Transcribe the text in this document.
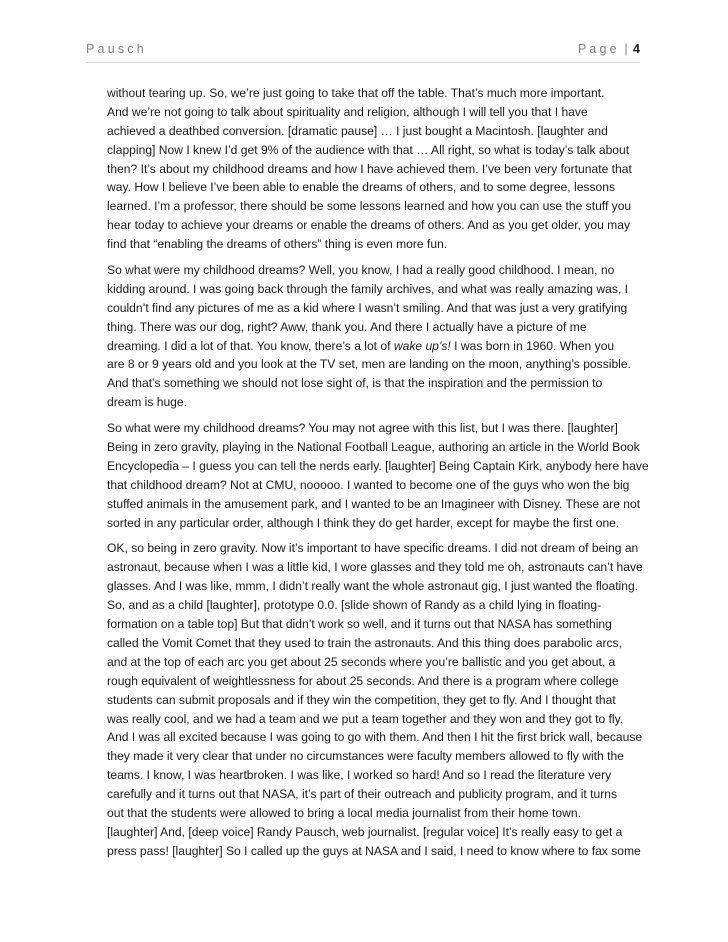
Pausch	Page | 4
without tearing up. So, we’re just going to take that off the table. That’s much more important.
And we’re not going to talk about spirituality and religion, although I will tell you that I have
achieved a deathbed conversion. [dramatic pause] … I just bought a Macintosh. [laughter and
clapping] Now I knew I’d get 9% of the audience with that … All right, so what is today’s talk about
then? It’s about my childhood dreams and how I have achieved them. I’ve been very fortunate that
way. How I believe I’ve been able to enable the dreams of others, and to some degree, lessons
learned. I’m a professor, there should be some lessons learned and how you can use the stuff you
hear today to achieve your dreams or enable the dreams of others. And as you get older, you may
find that “enabling the dreams of others” thing is even more fun.
So what were my childhood dreams? Well, you know, I had a really good childhood. I mean, no
kidding around. I was going back through the family archives, and what was really amazing was, I
couldn’t find any pictures of me as a kid where I wasn’t smiling. And that was just a very gratifying
thing. There was our dog, right? Aww, thank you. And there I actually have a picture of me
dreaming. I did a lot of that. You know, there’s a lot of wake up’s! I was born in 1960. When you
are 8 or 9 years old and you look at the TV set, men are landing on the moon, anything’s possible.
And that’s something we should not lose sight of, is that the inspiration and the permission to
dream is huge.
So what were my childhood dreams? You may not agree with this list, but I was there. [laughter]
Being in zero gravity, playing in the National Football League, authoring an article in the World Book
Encyclopedia – I guess you can tell the nerds early. [laughter] Being Captain Kirk, anybody here have
that childhood dream? Not at CMU, nooooo. I wanted to become one of the guys who won the big
stuffed animals in the amusement park, and I wanted to be an Imagineer with Disney. These are not
sorted in any particular order, although I think they do get harder, except for maybe the first one.
OK, so being in zero gravity. Now it’s important to have specific dreams. I did not dream of being an
astronaut, because when I was a little kid, I wore glasses and they told me oh, astronauts can’t have
glasses. And I was like, mmm, I didn’t really want the whole astronaut gig, I just wanted the floating.
So, and as a child [laughter], prototype 0.0. [slide shown of Randy as a child lying in floating-
formation on a table top] But that didn’t work so well, and it turns out that NASA has something
called the Vomit Comet that they used to train the astronauts. And this thing does parabolic arcs,
and at the top of each arc you get about 25 seconds where you’re ballistic and you get about, a
rough equivalent of weightlessness for about 25 seconds. And there is a program where college
students can submit proposals and if they win the competition, they get to fly. And I thought that
was really cool, and we had a team and we put a team together and they won and they got to fly.
And I was all excited because I was going to go with them. And then I hit the first brick wall, because
they made it very clear that under no circumstances were faculty members allowed to fly with the
teams. I know, I was heartbroken. I was like, I worked so hard! And so I read the literature very
carefully and it turns out that NASA, it’s part of their outreach and publicity program, and it turns
out that the students were allowed to bring a local media journalist from their home town.
[laughter] And, [deep voice] Randy Pausch, web journalist. [regular voice] It’s really easy to get a
press pass! [laughter] So I called up the guys at NASA and I said, I need to know where to fax some
